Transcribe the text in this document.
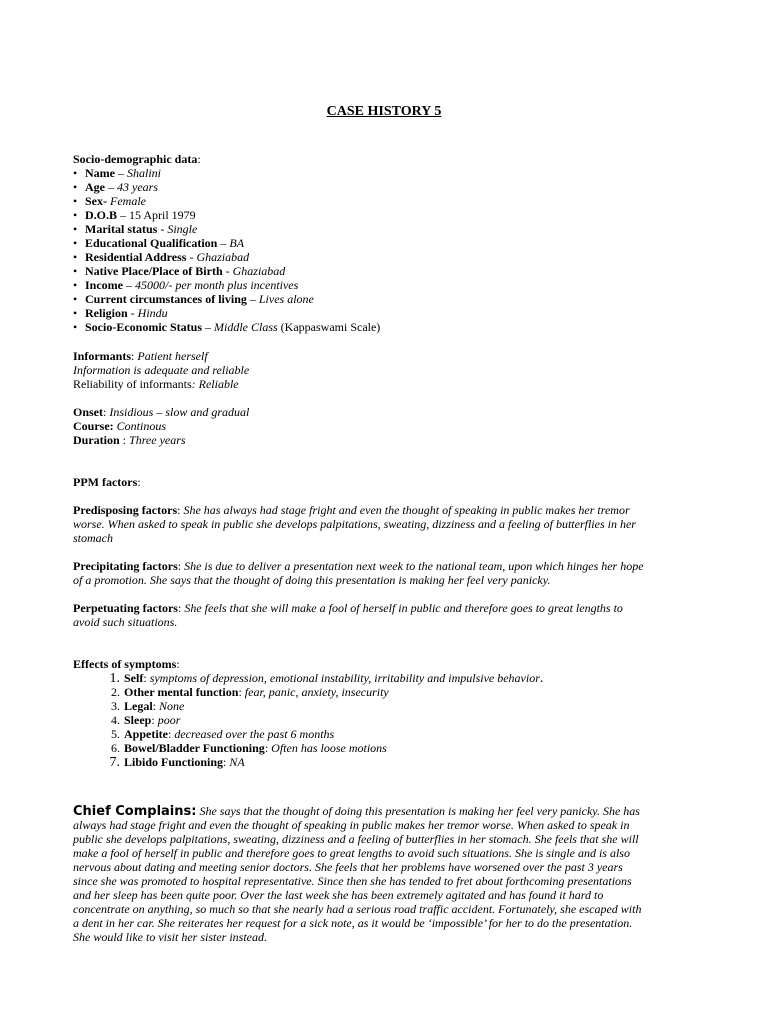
CASE HISTORY 5
Socio-demographic data:
• Name – Shalini
• Age – 43 years
• Sex- Female
• D.O.B – 15 April 1979
• Marital status - Single
• Educational Qualification – BA
• Residential Address - Ghaziabad
• Native Place/Place of Birth - Ghaziabad
• Income – 45000/- per month plus incentives
• Current circumstances of living – Lives alone
• Religion - Hindu
• Socio-Economic Status – Middle Class (Kappaswami Scale)
Informants: Patient herself
Information is adequate and reliable
Reliability of informants: Reliable
Onset: Insidious – slow and gradual
Course: Continous
Duration : Three years
PPM factors:
Predisposing factors: She has always had stage fright and even the thought of speaking in public makes her tremor
worse. When asked to speak in public she develops palpitations, sweating, dizziness and a feeling of butterflies in her
stomach
Precipitating factors: She is due to deliver a presentation next week to the national team, upon which hinges her hope
of a promotion. She says that the thought of doing this presentation is making her feel very panicky.
Perpetuating factors: She feels that she will make a fool of herself in public and therefore goes to great lengths to
avoid such situations.
Effects of symptoms:
1. Self: symptoms of depression, emotional instability, irritability and impulsive behavior.
2. Other mental function: fear, panic, anxiety, insecurity
3. Legal: None
4. Sleep: poor
5. Appetite: decreased over the past 6 months
6. Bowel/Bladder Functioning: Often has loose motions
7. Libido Functioning: NA
Chief Complains: She says that the thought of doing this presentation is making her feel very panicky. She has
always had stage fright and even the thought of speaking in public makes her tremor worse. When asked to speak in
public she develops palpitations, sweating, dizziness and a feeling of butterflies in her stomach. She feels that she will
make a fool of herself in public and therefore goes to great lengths to avoid such situations. She is single and is also
nervous about dating and meeting senior doctors. She feels that her problems have worsened over the past 3 years
since she was promoted to hospital representative. Since then she has tended to fret about forthcoming presentations
and her sleep has been quite poor. Over the last week she has been extremely agitated and has found it hard to
concentrate on anything, so much so that she nearly had a serious road traffic accident. Fortunately, she escaped with
a dent in her car. She reiterates her request for a sick note, as it would be ‘impossible’ for her to do the presentation.
She would like to visit her sister instead.
